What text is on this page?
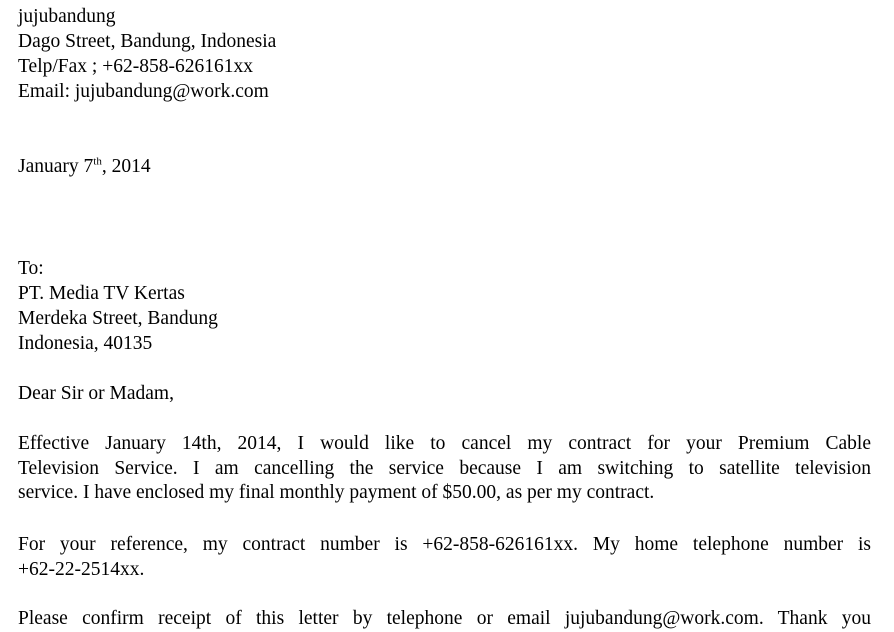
jujubandung
Dago Street, Bandung, Indonesia
Telp/Fax ; +62-858-626161xx
Email: jujubandung@work.com
January 7th, 2014
To:
PT. Media TV Kertas
Merdeka Street, Bandung
Indonesia, 40135
Dear Sir or Madam,
Effective January 14th, 2014, I would like to cancel my contract for your Premium Cable
Television Service. I am cancelling the service because I am switching to satellite television
service. I have enclosed my final monthly payment of $50.00, as per my contract.
For your reference, my contract number is +62-858-626161xx. My home telephone number is
+62-22-2514xx.
Please confirm receipt of this letter by telephone or email jujubandung@work.com. Thank you
